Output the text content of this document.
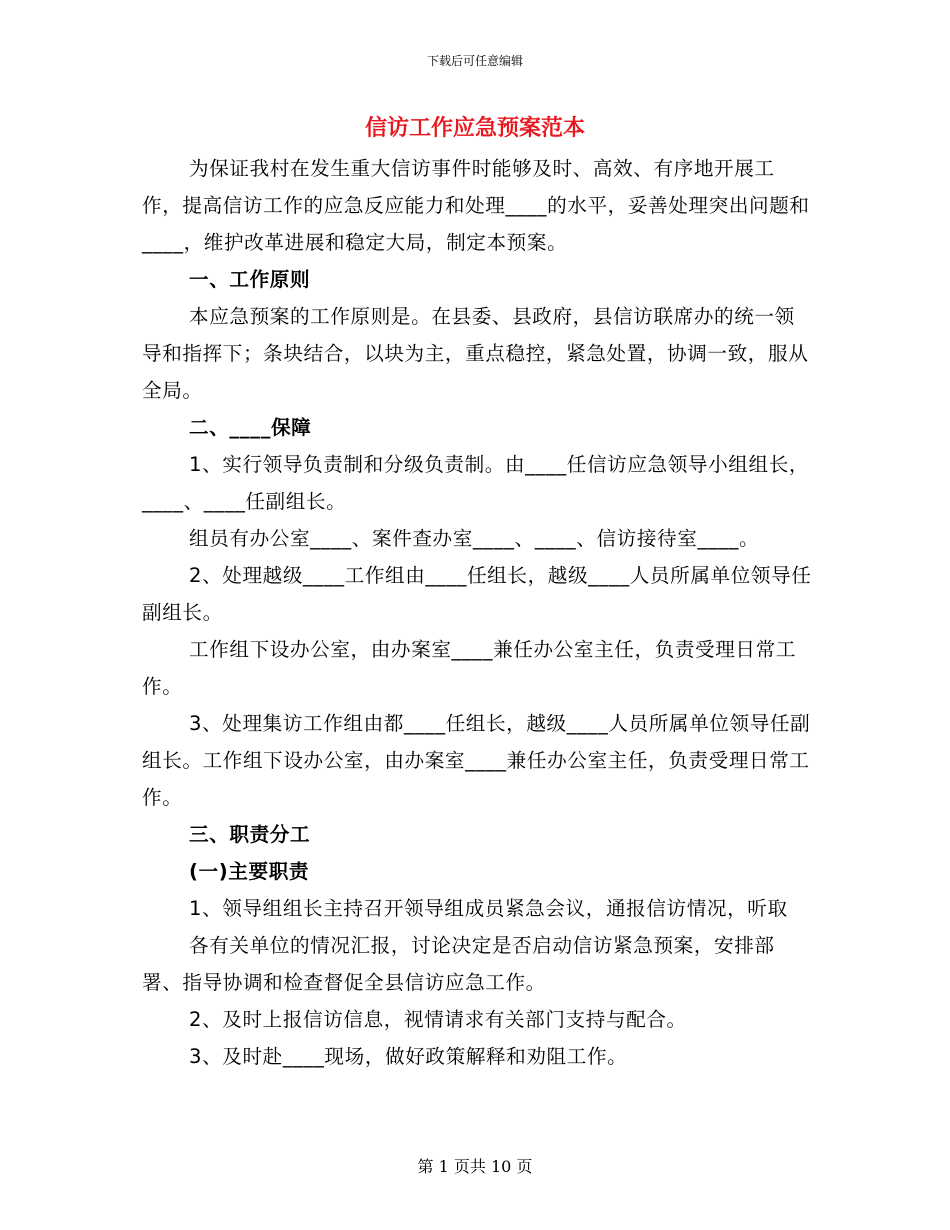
下载后可任意编辑
信访工作应急预案范本

为保证我村在发生重大信访事件时能够及时、高效、有序地开展工作，提高信访工作的应急反应能力和处理____的水平，妥善处理突出问题和____，维护改革进展和稳定大局，制定本预案。

一、工作原则

本应急预案的工作原则是。在县委、县政府，县信访联席办的统一领导和指挥下；条块结合，以块为主，重点稳控，紧急处置，协调一致，服从全局。

二、____保障

1、实行领导负责制和分级负责制。由____任信访应急领导小组组长，____、____任副组长。

组员有办公室____、案件查办室____、____、信访接待室____。

2、处理越级____工作组由____任组长，越级____人员所属单位领导任副组长。

工作组下设办公室，由办案室____兼任办公室主任，负责受理日常工作。

3、处理集访工作组由都____任组长，越级____人员所属单位领导任副组长。工作组下设办公室，由办案室____兼任办公室主任，负责受理日常工作。

三、职责分工

(一)主要职责

1、领导组组长主持召开领导组成员紧急会议，通报信访情况，听取

各有关单位的情况汇报，讨论决定是否启动信访紧急预案，安排部署、指导协调和检查督促全县信访应急工作。

2、及时上报信访信息，视情请求有关部门支持与配合。

3、及时赴____现场，做好政策解释和劝阻工作。

第 1 页共 10 页
